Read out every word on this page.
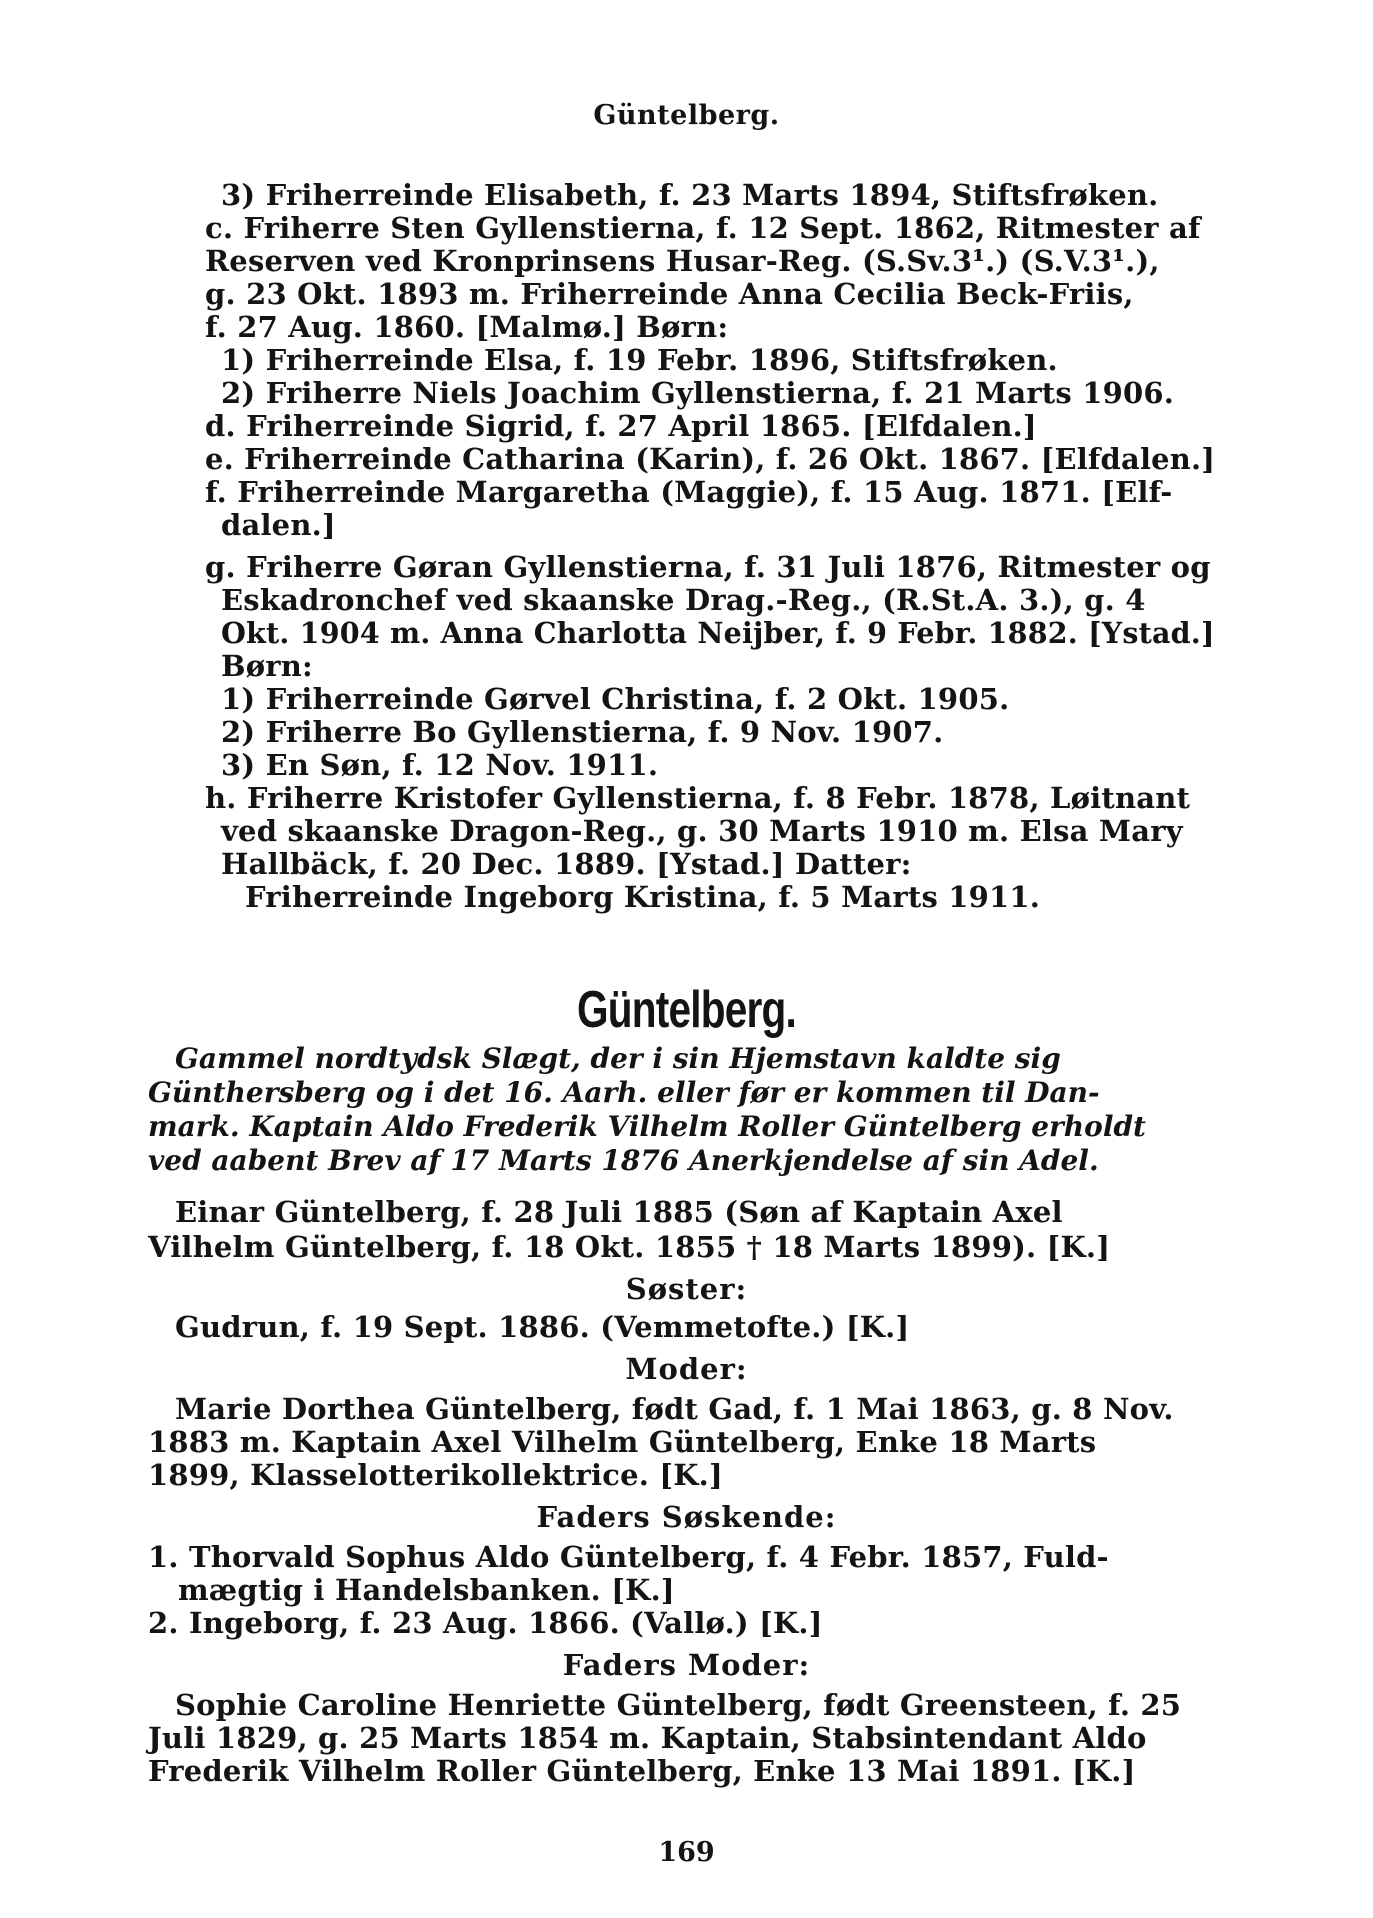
Güntelberg.
3) Friherreinde Elisabeth, f. 23 Marts 1894, Stiftsfrøken.
c. Friherre Sten Gyllenstierna, f. 12 Sept. 1862, Ritmester af
Reserven ved Kronprinsens Husar-Reg. (S.Sv.3¹.) (S.V.3¹.),
g. 23 Okt. 1893 m. Friherreinde Anna Cecilia Beck-Friis,
f. 27 Aug. 1860. [Malmø.] Børn:
1) Friherreinde Elsa, f. 19 Febr. 1896, Stiftsfrøken.
2) Friherre Niels Joachim Gyllenstierna, f. 21 Marts 1906.
d. Friherreinde Sigrid, f. 27 April 1865. [Elfdalen.]
e. Friherreinde Catharina (Karin), f. 26 Okt. 1867. [Elfdalen.]
f. Friherreinde Margaretha (Maggie), f. 15 Aug. 1871. [Elf-
dalen.]
g. Friherre Gøran Gyllenstierna, f. 31 Juli 1876, Ritmester og
Eskadronchef ved skaanske Drag.-Reg., (R.St.A. 3.), g. 4
Okt. 1904 m. Anna Charlotta Neijber, f. 9 Febr. 1882. [Ystad.]
Børn:
1) Friherreinde Gørvel Christina, f. 2 Okt. 1905.
2) Friherre Bo Gyllenstierna, f. 9 Nov. 1907.
3) En Søn, f. 12 Nov. 1911.
h. Friherre Kristofer Gyllenstierna, f. 8 Febr. 1878, Løitnant
ved skaanske Dragon-Reg., g. 30 Marts 1910 m. Elsa Mary
Hallbäck, f. 20 Dec. 1889. [Ystad.] Datter:
Friherreinde Ingeborg Kristina, f. 5 Marts 1911.
Güntelberg.
Gammel nordtydsk Slægt, der i sin Hjemstavn kaldte sig
Günthersberg og i det 16. Aarh. eller før er kommen til Dan-
mark. Kaptain Aldo Frederik Vilhelm Roller Güntelberg erholdt
ved aabent Brev af 17 Marts 1876 Anerkjendelse af sin Adel.
Einar Güntelberg, f. 28 Juli 1885 (Søn af Kaptain Axel
Vilhelm Güntelberg, f. 18 Okt. 1855 † 18 Marts 1899). [K.]
Søster:
Gudrun, f. 19 Sept. 1886. (Vemmetofte.) [K.]
Moder:
Marie Dorthea Güntelberg, født Gad, f. 1 Mai 1863, g. 8 Nov.
1883 m. Kaptain Axel Vilhelm Güntelberg, Enke 18 Marts
1899, Klasselotterikollektrice. [K.]
Faders Søskende:
1. Thorvald Sophus Aldo Güntelberg, f. 4 Febr. 1857, Fuld-
mægtig i Handelsbanken. [K.]
2. Ingeborg, f. 23 Aug. 1866. (Vallø.) [K.]
Faders Moder:
Sophie Caroline Henriette Güntelberg, født Greensteen, f. 25
Juli 1829, g. 25 Marts 1854 m. Kaptain, Stabsintendant Aldo
Frederik Vilhelm Roller Güntelberg, Enke 13 Mai 1891. [K.]
169
